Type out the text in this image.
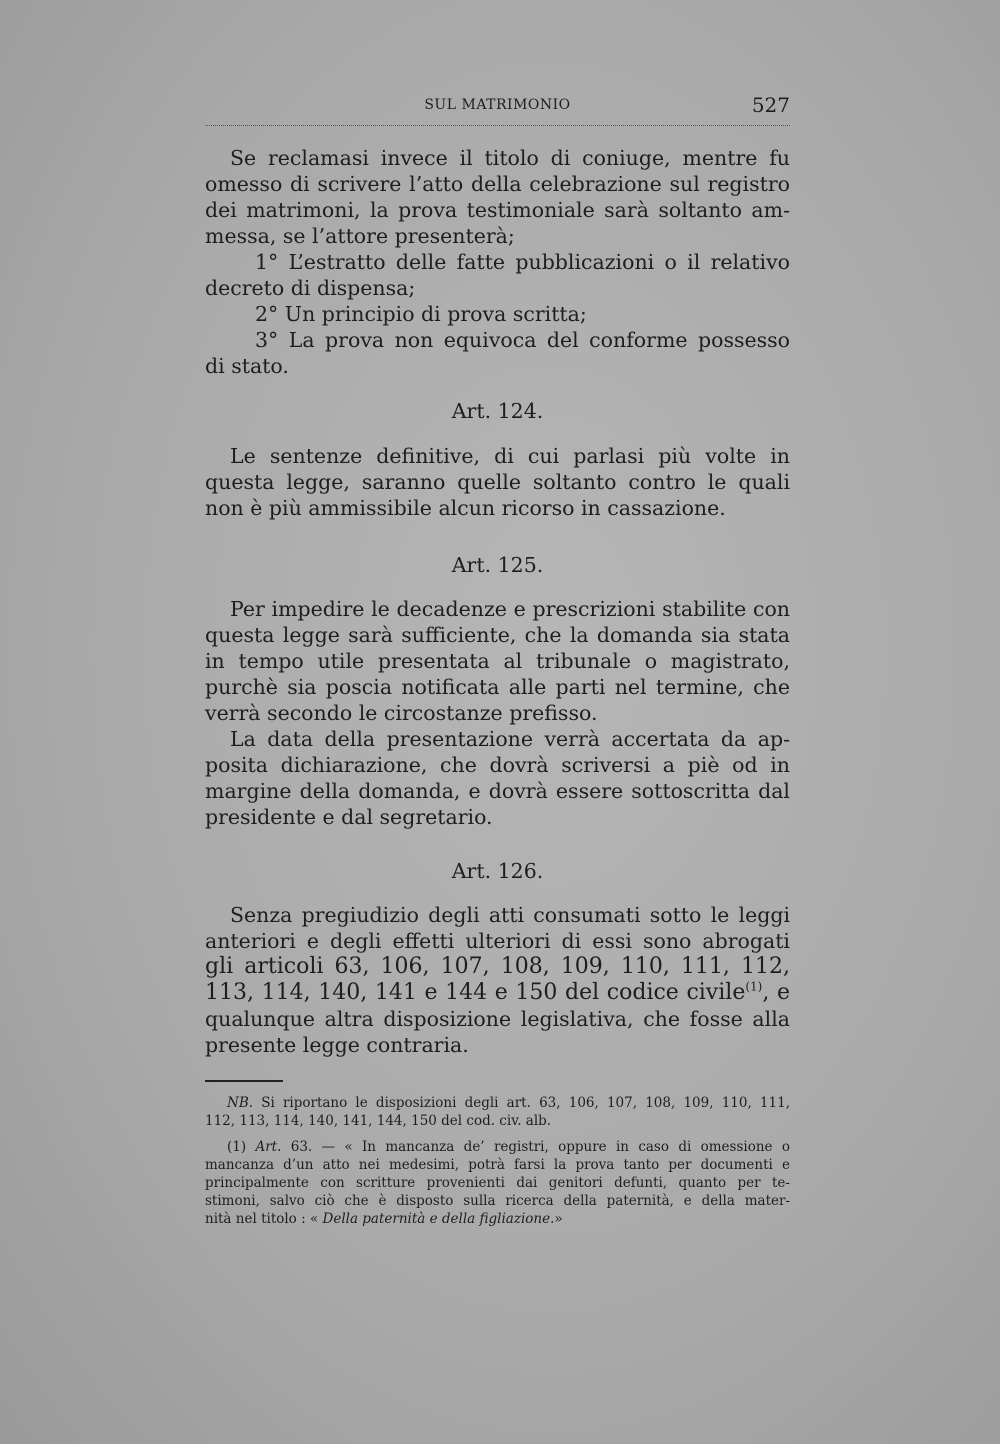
SUL MATRIMONIO	527
Se reclamasi invece il titolo di coniuge, mentre fu
omesso di scrivere l’atto della celebrazione sul registro
dei matrimoni, la prova testimoniale sarà soltanto am-
messa, se l’attore presenterà;
1° L’estratto delle fatte pubblicazioni o il relativo
decreto di dispensa;
2° Un principio di prova scritta;
3° La prova non equivoca del conforme possesso
di stato.
Art. 124.
Le sentenze definitive, di cui parlasi più volte in
questa legge, saranno quelle soltanto contro le quali
non è più ammissibile alcun ricorso in cassazione.
Art. 125.
Per impedire le decadenze e prescrizioni stabilite con
questa legge sarà sufficiente, che la domanda sia stata
in tempo utile presentata al tribunale o magistrato,
purchè sia poscia notificata alle parti nel termine, che
verrà secondo le circostanze prefisso.
La data della presentazione verrà accertata da ap-
posita dichiarazione, che dovrà scriversi a piè od in
margine della domanda, e dovrà essere sottoscritta dal
presidente e dal segretario.
Art. 126.
Senza pregiudizio degli atti consumati sotto le leggi
anteriori e degli effetti ulteriori di essi sono abrogati
gli articoli 63, 106, 107, 108, 109, 110, 111, 112,
113, 114, 140, 141 e 144 e 150 del codice civile$^{(1)}$, e
qualunque altra disposizione legislativa, che fosse alla
presente legge contraria.
NB. Si riportano le disposizioni degli art. 63, 106, 107, 108, 109, 110, 111,
112, 113, 114, 140, 141, 144, 150 del cod. civ. alb.
(1) Art. 63. — « In mancanza de’ registri, oppure in caso di omessione o
mancanza d’un atto nei medesimi, potrà farsi la prova tanto per documenti e
principalmente con scritture provenienti dai genitori defunti, quanto per te-
stimoni, salvo ciò che è disposto sulla ricerca della paternità, e della mater-
nità nel titolo : « Della paternità e della figliazione.»
